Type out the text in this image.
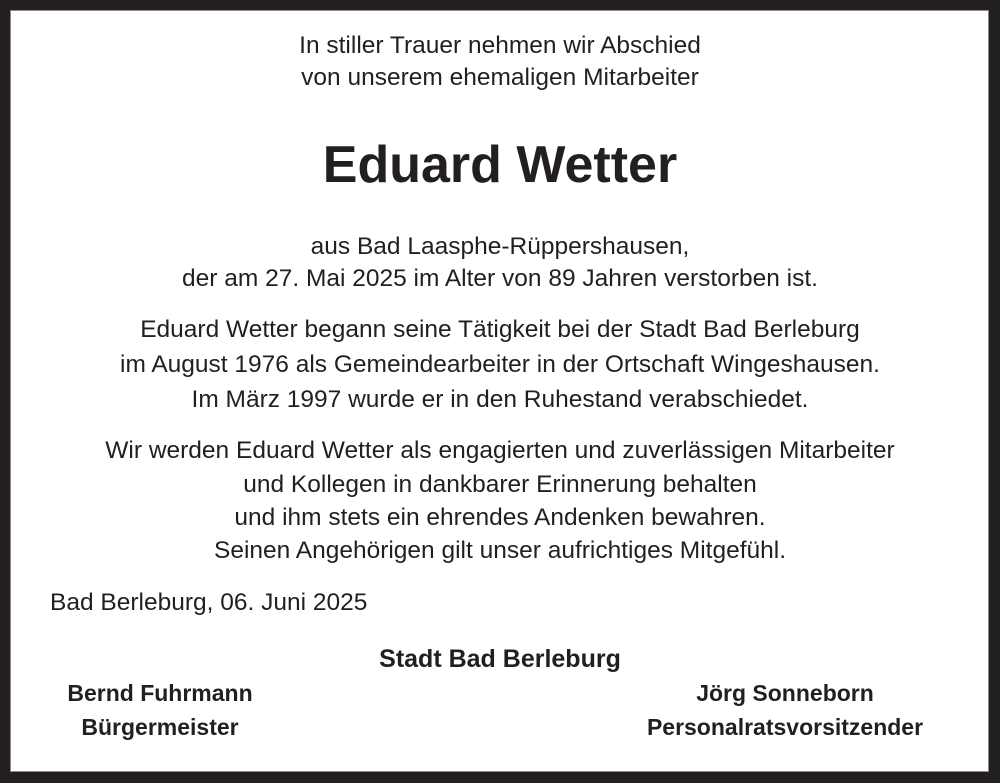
In stiller Trauer nehmen wir Abschied
von unserem ehemaligen Mitarbeiter
Eduard Wetter
aus Bad Laasphe-Rüppershausen,
der am 27. Mai 2025 im Alter von 89 Jahren verstorben ist.
Eduard Wetter begann seine Tätigkeit bei der Stadt Bad Berleburg
im August 1976 als Gemeindearbeiter in der Ortschaft Wingeshausen.
Im März 1997 wurde er in den Ruhestand verabschiedet.
Wir werden Eduard Wetter als engagierten und zuverlässigen Mitarbeiter
und Kollegen in dankbarer Erinnerung behalten
und ihm stets ein ehrendes Andenken bewahren.
Seinen Angehörigen gilt unser aufrichtiges Mitgefühl.
Bad Berleburg, 06. Juni 2025
Stadt Bad Berleburg
Bernd Fuhrmann
Bürgermeister
Jörg Sonneborn
Personalratsvorsitzender
